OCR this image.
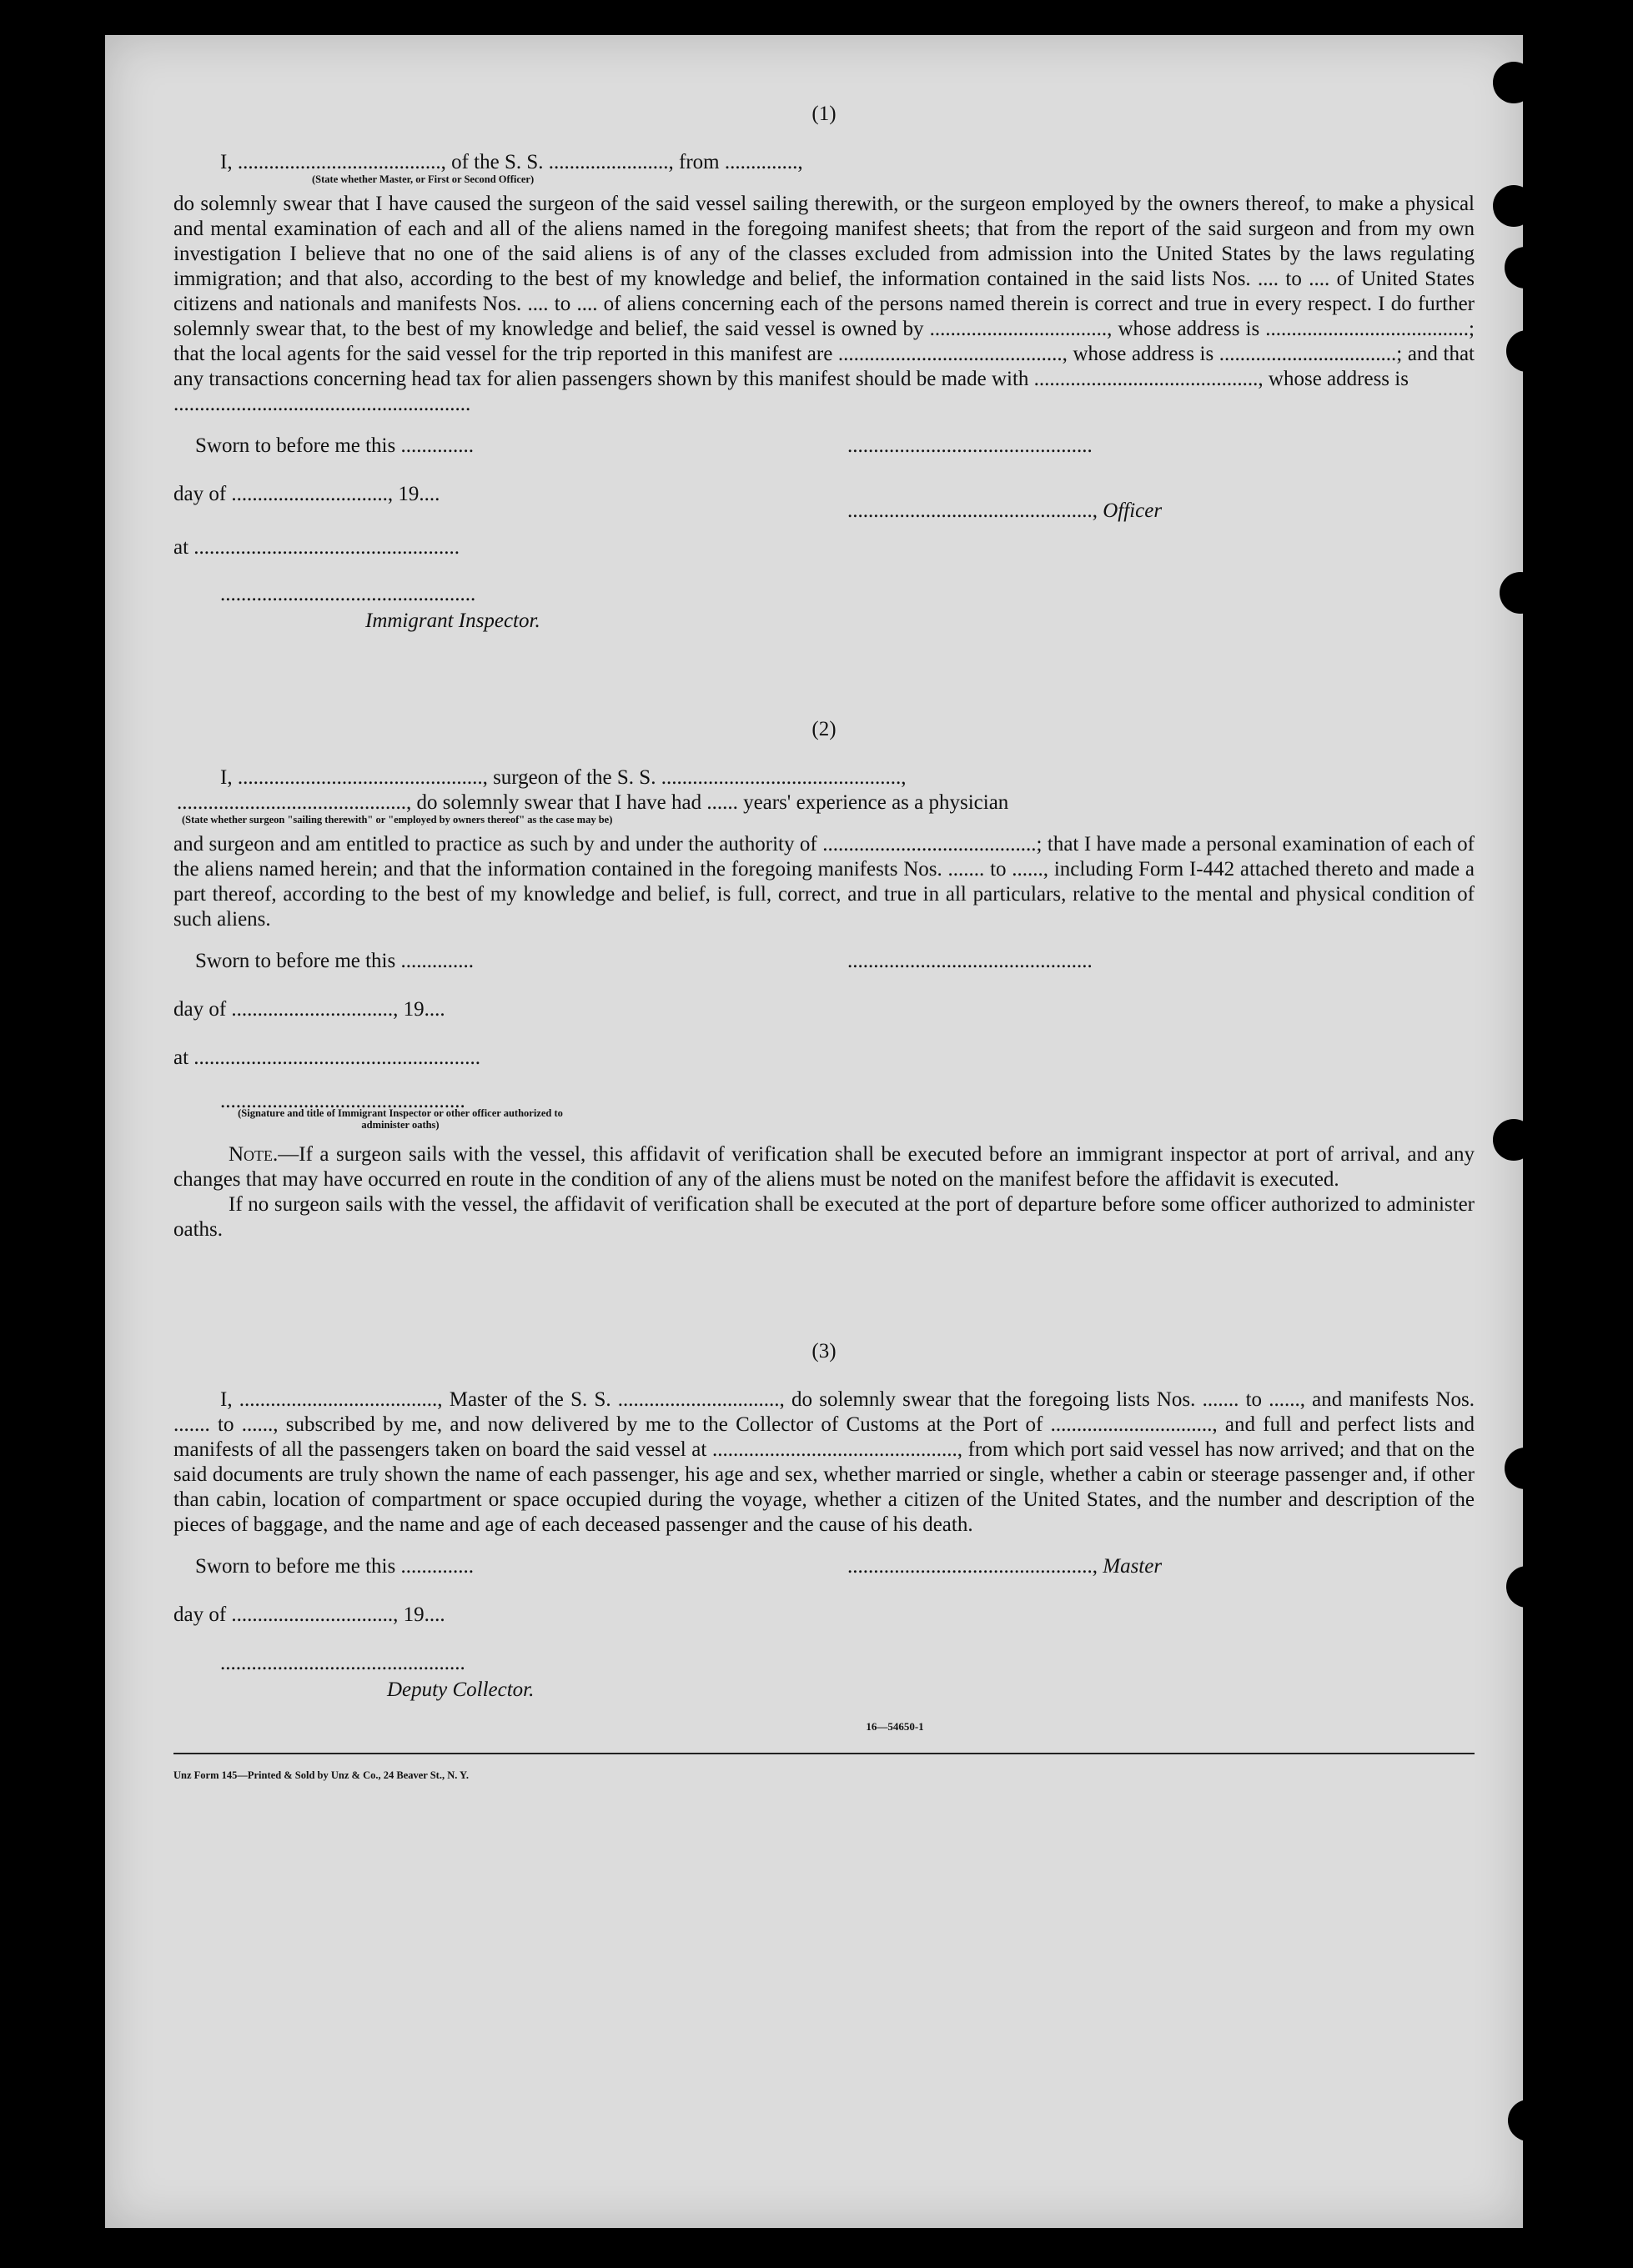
(1)
I, ......................................., of the S. S. ......................., from ..............,
(State whether Master, or First or Second Officer)
do solemnly swear that I have caused the surgeon of the said vessel sailing therewith, or the surgeon employed by the owners thereof, to make a physical and mental examination of each and all of the aliens named in the foregoing manifest sheets; that from the report of the said surgeon and from my own investigation I believe that no one of the said aliens is of any of the classes excluded from admission into the United States by the laws regulating immigration; and that also, according to the best of my knowledge and belief, the information contained in the said lists Nos. .... to .... of United States citizens and nationals and manifests Nos. .... to .... of aliens concerning each of the persons named therein is correct and true in every respect. I do further solemnly swear that, to the best of my knowledge and belief, the said vessel is owned by .................................., whose address is .......................................; that the local agents for the said vessel for the trip reported in this manifest are ..........................................., whose address is ..................................; and that any transactions concerning head tax for alien passengers shown by this manifest should be made with ..........................................., whose address is
.........................................................
Sworn to before me this ..............	...............................................
day of .............................., 19....
..............................................., Officer
at ...................................................
.................................................
Immigrant Inspector.
(2)
I, ..............................................., surgeon of the S. S. ..............................................,
............................................, do solemnly swear that I have had ...... years' experience as a physician
(State whether surgeon "sailing therewith" or "employed by owners thereof" as the case may be)
and surgeon and am entitled to practice as such by and under the authority of .........................................; that I have made a personal examination of each of the aliens named herein; and that the information contained in the foregoing manifests Nos. ....... to ......, including Form I-442 attached thereto and made a part thereof, according to the best of my knowledge and belief, is full, correct, and true in all particulars, relative to the mental and physical condition of such aliens.
Sworn to before me this ..............	...............................................
day of ..............................., 19....
at .......................................................
...............................................
(Signature and title of Immigrant Inspector or other officer authorized to administer oaths)
Note.—If a surgeon sails with the vessel, this affidavit of verification shall be executed before an immigrant inspector at port of arrival, and any changes that may have occurred en route in the condition of any of the aliens must be noted on the manifest before the affidavit is executed.
If no surgeon sails with the vessel, the affidavit of verification shall be executed at the port of departure before some officer authorized to administer oaths.
(3)
I, ......................................, Master of the S. S. ..............................., do solemnly swear that the foregoing lists Nos. ....... to ......, and manifests Nos. ....... to ......, subscribed by me, and now delivered by me to the Collector of Customs at the Port of ..............................., and full and perfect lists and manifests of all the passengers taken on board the said vessel at ..............................................., from which port said vessel has now arrived; and that on the said documents are truly shown the name of each passenger, his age and sex, whether married or single, whether a cabin or steerage passenger and, if other than cabin, location of compartment or space occupied during the voyage, whether a citizen of the United States, and the number and description of the pieces of baggage, and the name and age of each deceased passenger and the cause of his death.
Sworn to before me this ..............	..............................................., Master
day of ..............................., 19....
...............................................
Deputy Collector.
16—54650-1
Unz Form 145—Printed & Sold by Unz & Co., 24 Beaver St., N. Y.
